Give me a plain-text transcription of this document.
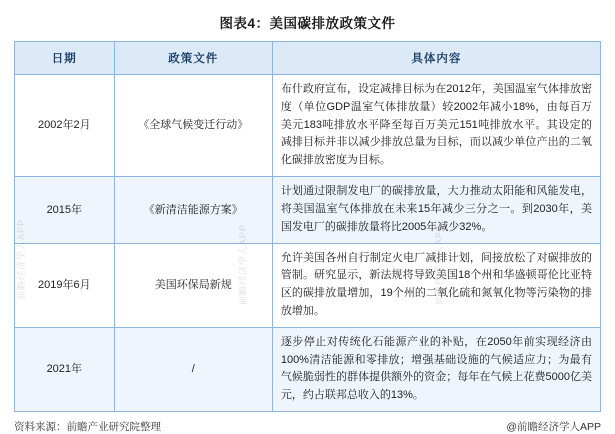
图表4：美国碳排放政策文件
日期	政策文件	具体内容
2002年2月	《全球气候变迁行动》	布什政府宣布，设定减排目标为在2012年，美国温室气体排放密度（单位GDP温室气体排放量）较2002年减小18%，由每百万美元183吨排放水平降至每百万美元151吨排放水平。其设定的减排目标并非以减少排放总量为目标，而以减少单位产出的二氧化碳排放密度为目标。
2015年	《新清洁能源方案》	计划通过限制发电厂的碳排放量，大力推动太阳能和风能发电，将美国温室气体排放在未来15年减少三分之一。到2030年，美国发电厂的碳排放量将比2005年减少32%。
2019年6月	美国环保局新规	允许美国各州自行制定火电厂减排计划，间接放松了对碳排放的管制。研究显示，新法规将导致美国18个州和华盛顿哥伦比亚特区的碳排放量增加，19个州的二氧化硫和氮氧化物等污染物的排放增加。
2021年	/	逐步停止对传统化石能源产业的补贴，在2050年前实现经济由100%清洁能源和零排放；增强基础设施的气候适应力；为最有气候脆弱性的群体提供额外的资金；每年在气候上花费5000亿美元，约占联邦总收入的13%。
资料来源：前瞻产业研究院整理	@前瞻经济学人APP
前瞻经济学人APP	前瞻经济学人APP	前瞻经济学人APP
